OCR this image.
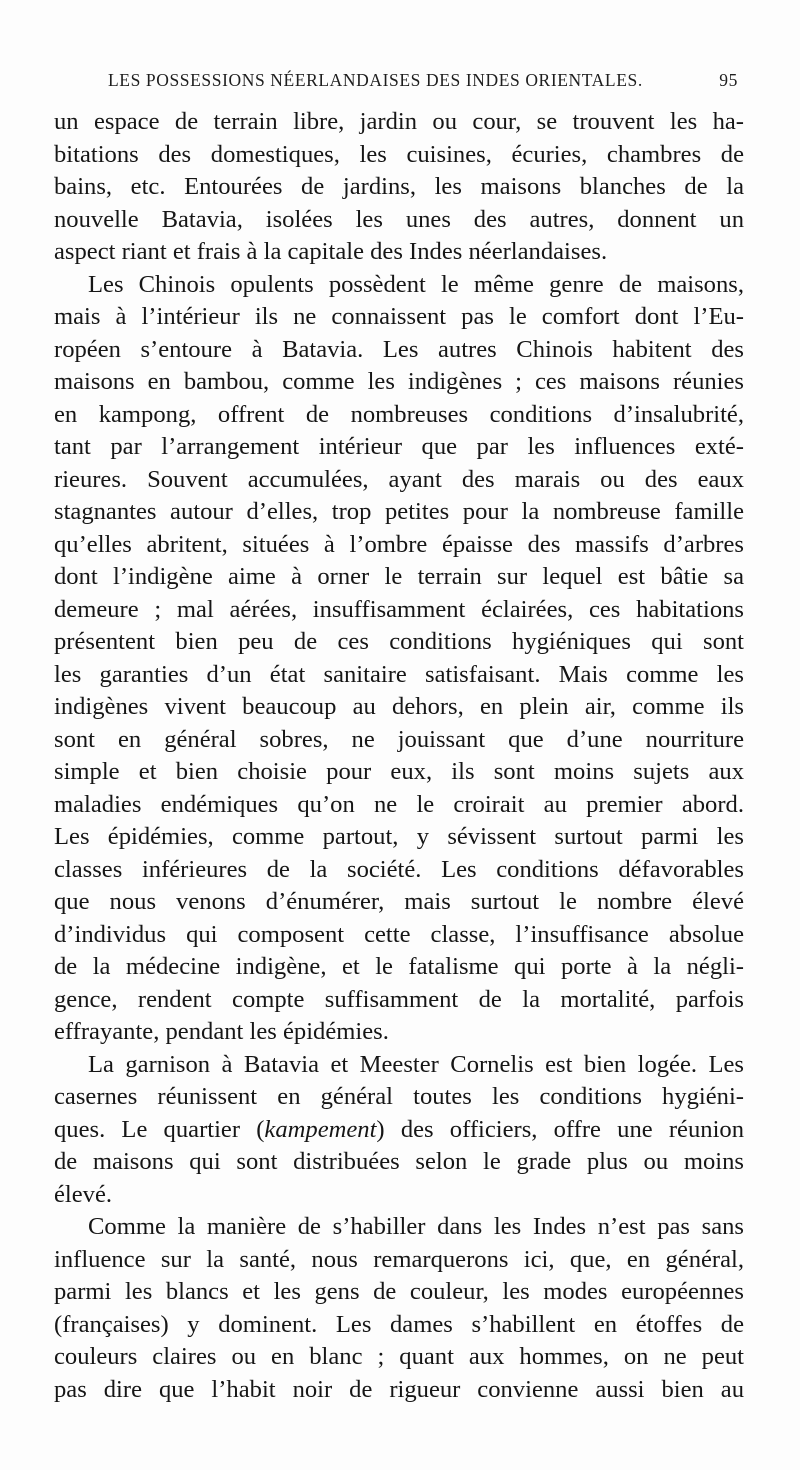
LES POSSESSIONS NÉERLANDAISES DES INDES ORIENTALES.	95
un espace de terrain libre, jardin ou cour, se trouvent les ha-
bitations des domestiques, les cuisines, écuries, chambres de
bains, etc. Entourées de jardins, les maisons blanches de la
nouvelle Batavia, isolées les unes des autres, donnent un
aspect riant et frais à la capitale des Indes néerlandaises.
Les Chinois opulents possèdent le même genre de maisons,
mais à l’intérieur ils ne connaissent pas le comfort dont l’Eu-
ropéen s’entoure à Batavia. Les autres Chinois habitent des
maisons en bambou, comme les indigènes ; ces maisons réunies
en kampong, offrent de nombreuses conditions d’insalubrité,
tant par l’arrangement intérieur que par les influences exté-
rieures. Souvent accumulées, ayant des marais ou des eaux
stagnantes autour d’elles, trop petites pour la nombreuse famille
qu’elles abritent, situées à l’ombre épaisse des massifs d’arbres
dont l’indigène aime à orner le terrain sur lequel est bâtie sa
demeure ; mal aérées, insuffisamment éclairées, ces habitations
présentent bien peu de ces conditions hygiéniques qui sont
les garanties d’un état sanitaire satisfaisant. Mais comme les
indigènes vivent beaucoup au dehors, en plein air, comme ils
sont en général sobres, ne jouissant que d’une nourriture
simple et bien choisie pour eux, ils sont moins sujets aux
maladies endémiques qu’on ne le croirait au premier abord.
Les épidémies, comme partout, y sévissent surtout parmi les
classes inférieures de la société. Les conditions défavorables
que nous venons d’énumérer, mais surtout le nombre élevé
d’individus qui composent cette classe, l’insuffisance absolue
de la médecine indigène, et le fatalisme qui porte à la négli-
gence, rendent compte suffisamment de la mortalité, parfois
effrayante, pendant les épidémies.
La garnison à Batavia et Meester Cornelis est bien logée. Les
casernes réunissent en général toutes les conditions hygiéni-
ques. Le quartier (kampement) des officiers, offre une réunion
de maisons qui sont distribuées selon le grade plus ou moins
élevé.
Comme la manière de s’habiller dans les Indes n’est pas sans
influence sur la santé, nous remarquerons ici, que, en général,
parmi les blancs et les gens de couleur, les modes européennes
(françaises) y dominent. Les dames s’habillent en étoffes de
couleurs claires ou en blanc ; quant aux hommes, on ne peut
pas dire que l’habit noir de rigueur convienne aussi bien au
